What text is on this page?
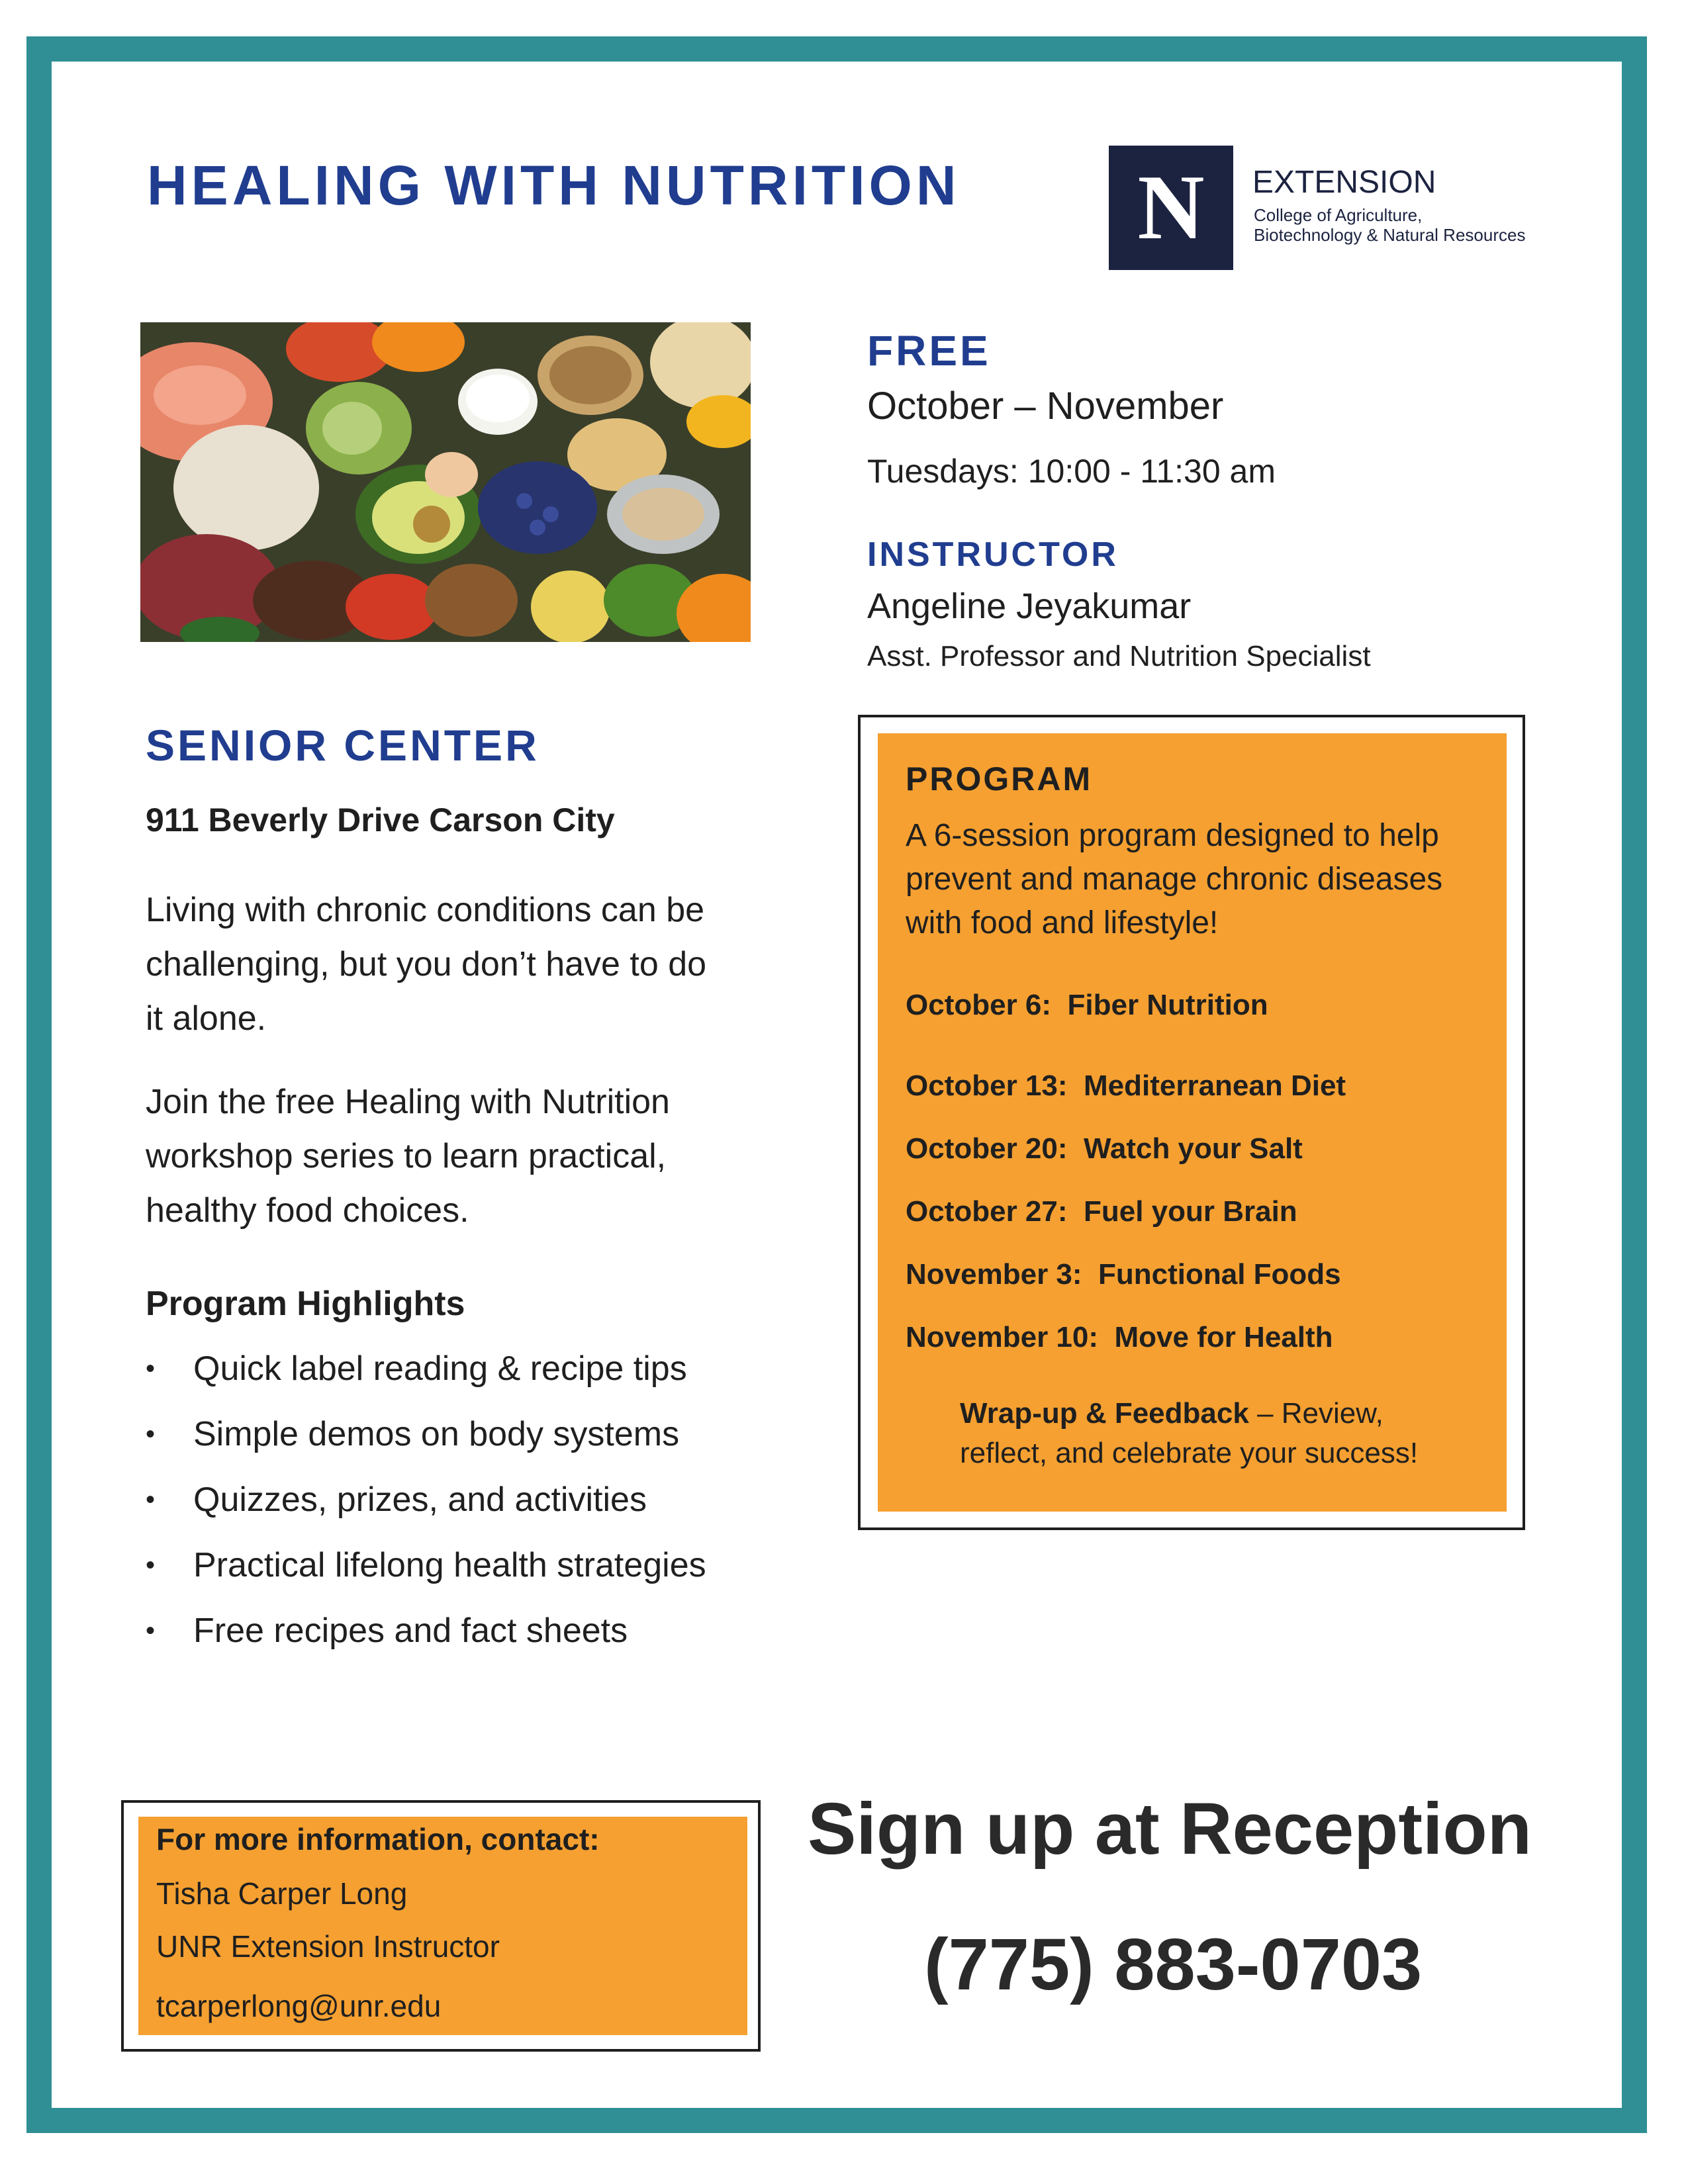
HEALING WITH NUTRITION N EXTENSION
College of Agriculture,
Biotechnology & Natural Resources
FREE
October – November
Tuesdays: 10:00 - 11:30 am
INSTRUCTOR
Angeline Jeyakumar
Asst. Professor and Nutrition Specialist
SENIOR CENTER
911 Beverly Drive Carson City
Living with chronic conditions can be
challenging, but you don’t have to do
it alone.
Join the free Healing with Nutrition
workshop series to learn practical,
healthy food choices.
Program Highlights
• Quick label reading & recipe tips
• Simple demos on body systems
• Quizzes, prizes, and activities
• Practical lifelong health strategies
• Free recipes and fact sheets
PROGRAM
A 6-session program designed to help
prevent and manage chronic diseases
with food and lifestyle!
October 6: Fiber Nutrition
October 13: Mediterranean Diet
October 20: Watch your Salt
October 27: Fuel your Brain
November 3: Functional Foods
November 10: Move for Health
Wrap-up & Feedback – Review,
reflect, and celebrate your success!
For more information, contact:
Tisha Carper Long
UNR Extension Instructor
tcarperlong@unr.edu
Sign up at Reception
(775) 883-0703
